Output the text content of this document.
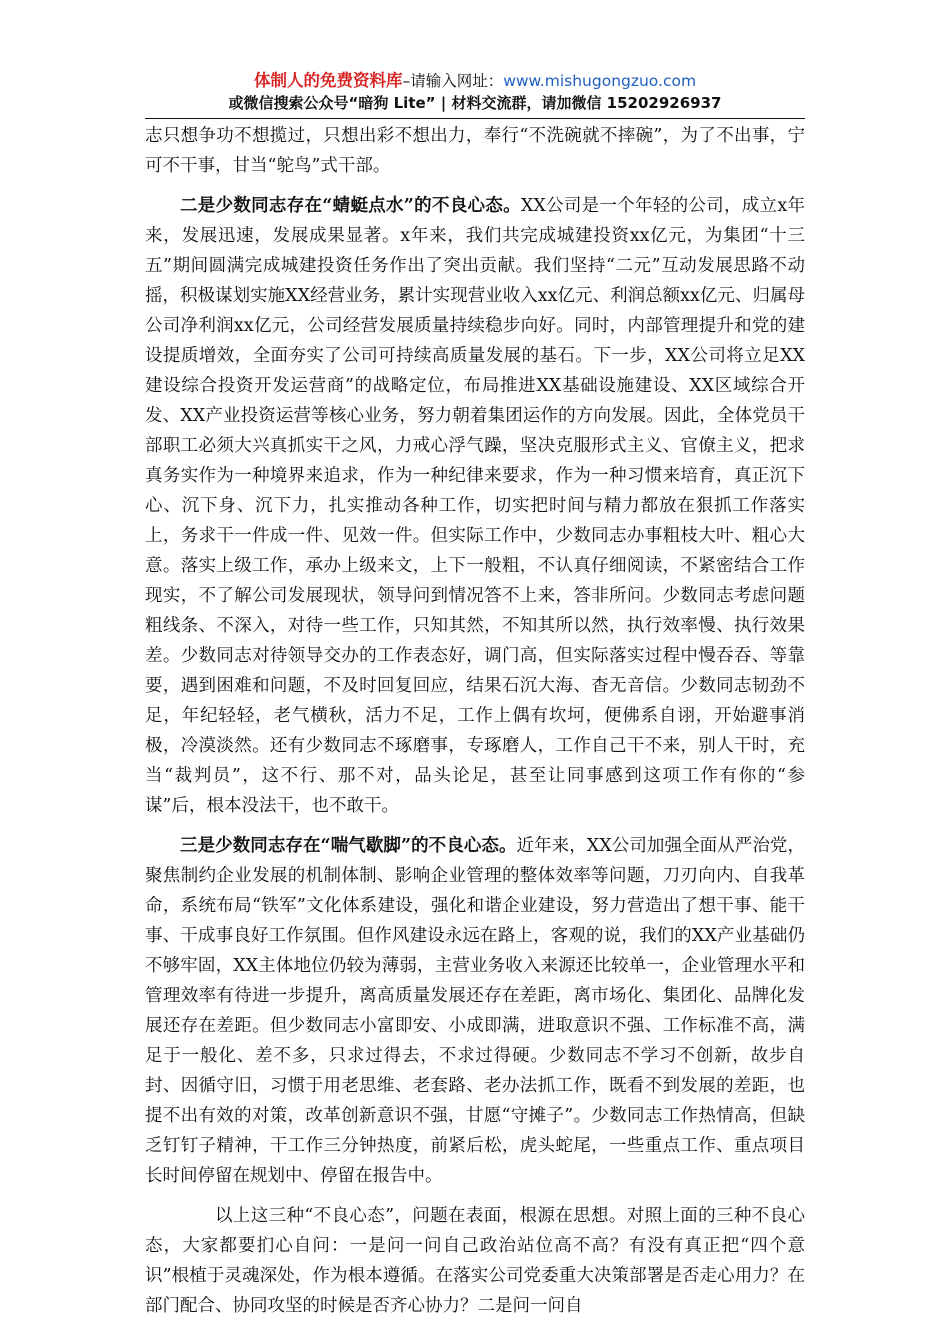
体制人的免费资料库–请输入网址：www.mishugongzuo.com
或微信搜索公众号“暗狗 Lite” | 材料交流群，请加微信 15202926937

志只想争功不想揽过，只想出彩不想出力，奉行“不洗碗就不摔碗”，为了不出事，宁可不干事，甘当“鸵鸟”式干部。

二是少数同志存在“蜻蜓点水”的不良心态。XX公司是一个年轻的公司，成立x年来，发展迅速，发展成果显著。x年来，我们共完成城建投资xx亿元，为集团“十三五”期间圆满完成城建投资任务作出了突出贡献。我们坚持“二元”互动发展思路不动摇，积极谋划实施XX经营业务，累计实现营业收入xx亿元、利润总额xx亿元、归属母公司净利润xx亿元，公司经营发展质量持续稳步向好。同时，内部管理提升和党的建设提质增效，全面夯实了公司可持续高质量发展的基石。下一步，XX公司将立足XX建设综合投资开发运营商”的战略定位，布局推进XX基础设施建设、XX区域综合开发、XX产业投资运营等核心业务，努力朝着集团运作的方向发展。因此，全体党员干部职工必须大兴真抓实干之风，力戒心浮气躁，坚决克服形式主义、官僚主义，把求真务实作为一种境界来追求，作为一种纪律来要求，作为一种习惯来培育，真正沉下心、沉下身、沉下力，扎实推动各种工作，切实把时间与精力都放在狠抓工作落实上，务求干一件成一件、见效一件。但实际工作中，少数同志办事粗枝大叶、粗心大意。落实上级工作，承办上级来文，上下一般粗，不认真仔细阅读，不紧密结合工作现实，不了解公司发展现状，领导问到情况答不上来，答非所问。少数同志考虑问题粗线条、不深入，对待一些工作，只知其然，不知其所以然，执行效率慢、执行效果差。少数同志对待领导交办的工作表态好，调门高，但实际落实过程中慢吞吞、等靠要，遇到困难和问题，不及时回复回应，结果石沉大海、杳无音信。少数同志韧劲不足，年纪轻轻，老气横秋，活力不足，工作上偶有坎坷，便佛系自诩，开始避事消极，冷漠淡然。还有少数同志不琢磨事，专琢磨人，工作自己干不来，别人干时，充当“裁判员”，这不行、那不对，品头论足，甚至让同事感到这项工作有你的“参谋”后，根本没法干，也不敢干。

三是少数同志存在“喘气歇脚”的不良心态。近年来，XX公司加强全面从严治党，聚焦制约企业发展的机制体制、影响企业管理的整体效率等问题，刀刃向内、自我革命，系统布局“铁军”文化体系建设，强化和谐企业建设，努力营造出了想干事、能干事、干成事良好工作氛围。但作风建设永远在路上，客观的说，我们的XX产业基础仍不够牢固，XX主体地位仍较为薄弱，主营业务收入来源还比较单一，企业管理水平和管理效率有待进一步提升，离高质量发展还存在差距，离市场化、集团化、品牌化发展还存在差距。但少数同志小富即安、小成即满，进取意识不强、工作标准不高，满足于一般化、差不多，只求过得去，不求过得硬。少数同志不学习不创新，故步自封、因循守旧，习惯于用老思维、老套路、老办法抓工作，既看不到发展的差距，也提不出有效的对策，改革创新意识不强，甘愿“守摊子”。少数同志工作热情高，但缺乏钉钉子精神，干工作三分钟热度，前紧后松，虎头蛇尾，一些重点工作、重点项目长时间停留在规划中、停留在报告中。

以上这三种“不良心态”，问题在表面，根源在思想。对照上面的三种不良心态，大家都要扪心自问：一是问一问自己政治站位高不高？有没有真正把“四个意识”根植于灵魂深处，作为根本遵循。在落实公司党委重大决策部署是否走心用力？在部门配合、协同攻坚的时候是否齐心协力？二是问一问自
